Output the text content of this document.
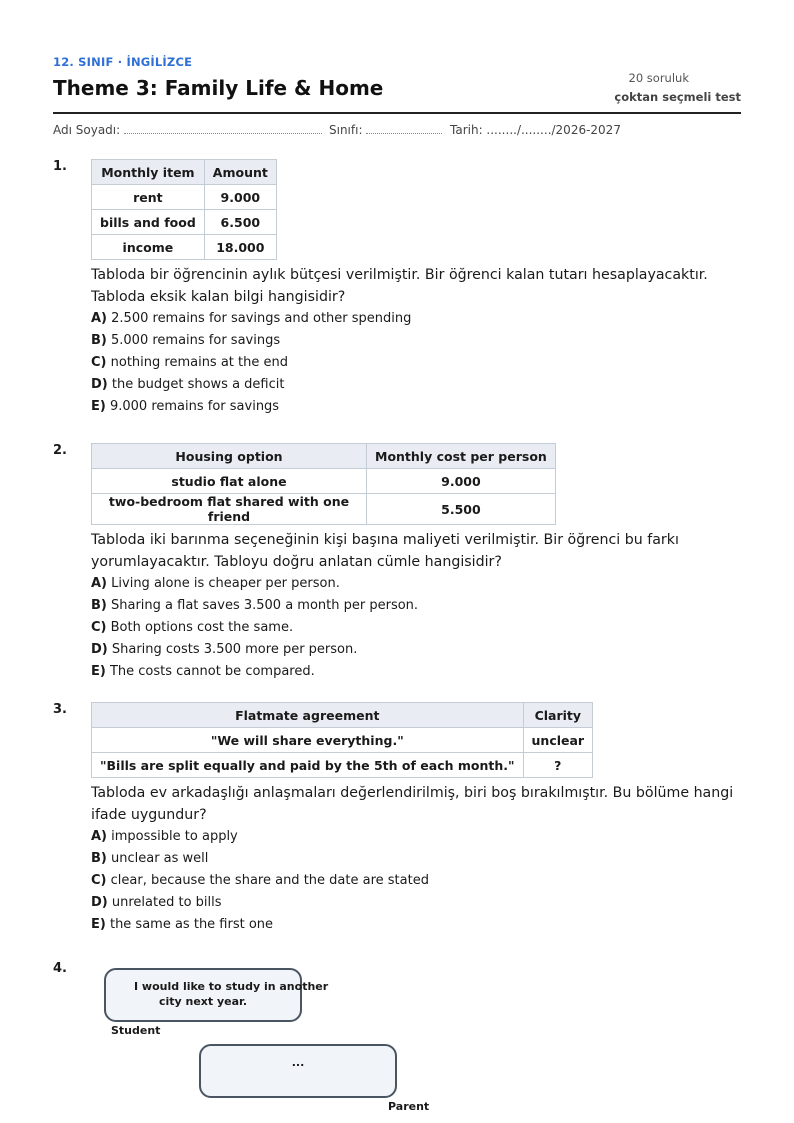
12. SINIF · İNGİLİZCE
Theme 3: Family Life & Home	20 soruluk
çoktan seçmeli test
Adı Soyadı:	Sınıfı:	Tarih: ......../......../2026-2027
1.	Monthly item	Amount
rent	9.000
bills and food	6.500
income	18.000
Tabloda bir öğrencinin aylık bütçesi verilmiştir. Bir öğrenci kalan tutarı hesaplayacaktır. Tabloda eksik kalan bilgi hangisidir?
A) 2.500 remains for savings and other spending
B) 5.000 remains for savings
C) nothing remains at the end
D) the budget shows a deficit
E) 9.000 remains for savings
2.	Housing option	Monthly cost per person
studio flat alone	9.000
two-bedroom flat shared with one friend	5.500
Tabloda iki barınma seçeneğinin kişi başına maliyeti verilmiştir. Bir öğrenci bu farkı yorumlayacaktır. Tabloyu doğru anlatan cümle hangisidir?
A) Living alone is cheaper per person.
B) Sharing a flat saves 3.500 a month per person.
C) Both options cost the same.
D) Sharing costs 3.500 more per person.
E) The costs cannot be compared.
3.	Flatmate agreement	Clarity
"We will share everything."	unclear
"Bills are split equally and paid by the 5th of each month."	?
Tabloda ev arkadaşlığı anlaşmaları değerlendirilmiş, biri boş bırakılmıştır. Bu bölüme hangi ifade uygundur?
A) impossible to apply
B) unclear as well
C) clear, because the share and the date are stated
D) unrelated to bills
E) the same as the first one
4.
I would like to study in another
city next year.
Student
...
Parent
